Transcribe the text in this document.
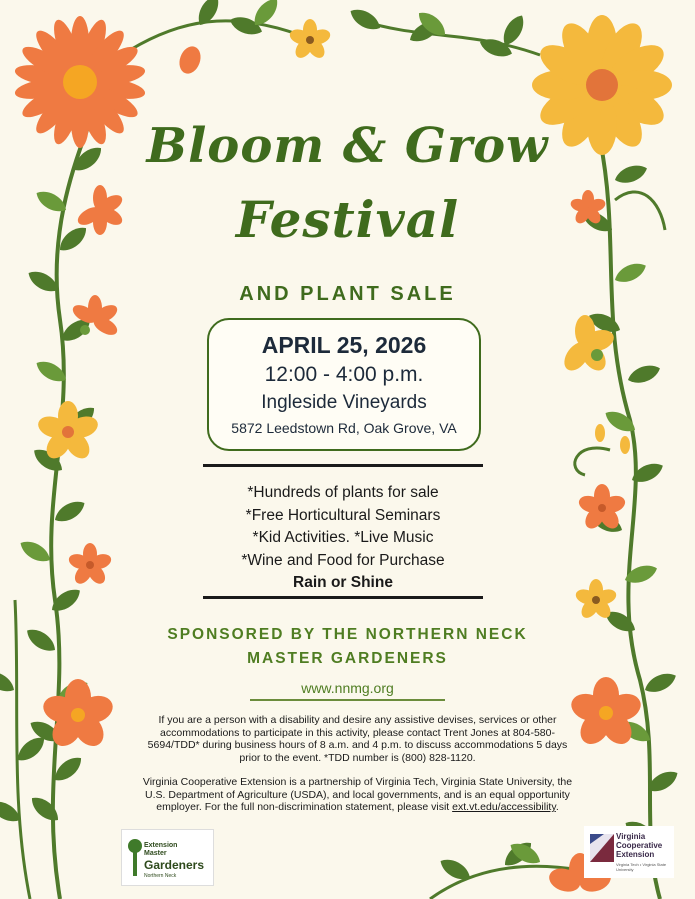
Bloom & Grow
Festival
AND PLANT SALE
APRIL 25, 2026
12:00 - 4:00 p.m.
Ingleside Vineyards
5872 Leedstown Rd, Oak Grove, VA
*Hundreds of plants for sale
*Free Horticultural Seminars
*Kid Activities. *Live Music
*Wine and Food for Purchase
Rain or Shine
SPONSORED BY THE NORTHERN NECK
MASTER GARDENERS
www.nnmg.org

If you are a person with a disability and desire any assistive devises, services or other accommodations to participate in this activity, please contact Trent Jones at 804-580-5694/TDD* during business hours of 8 a.m. and 4 p.m. to discuss accommodations 5 days prior to the event. *TDD number is (800) 828-1120.

Virginia Cooperative Extension is a partnership of Virginia Tech, Virginia State University, the U.S. Department of Agriculture (USDA), and local governments, and is an equal opportunity employer. For the full non-discrimination statement, please visit ext.vt.edu/accessibility.

Extension
Master
Gardeners
Northern Neck
Virginia
Cooperative
Extension
Virginia Tech • Virginia State University
